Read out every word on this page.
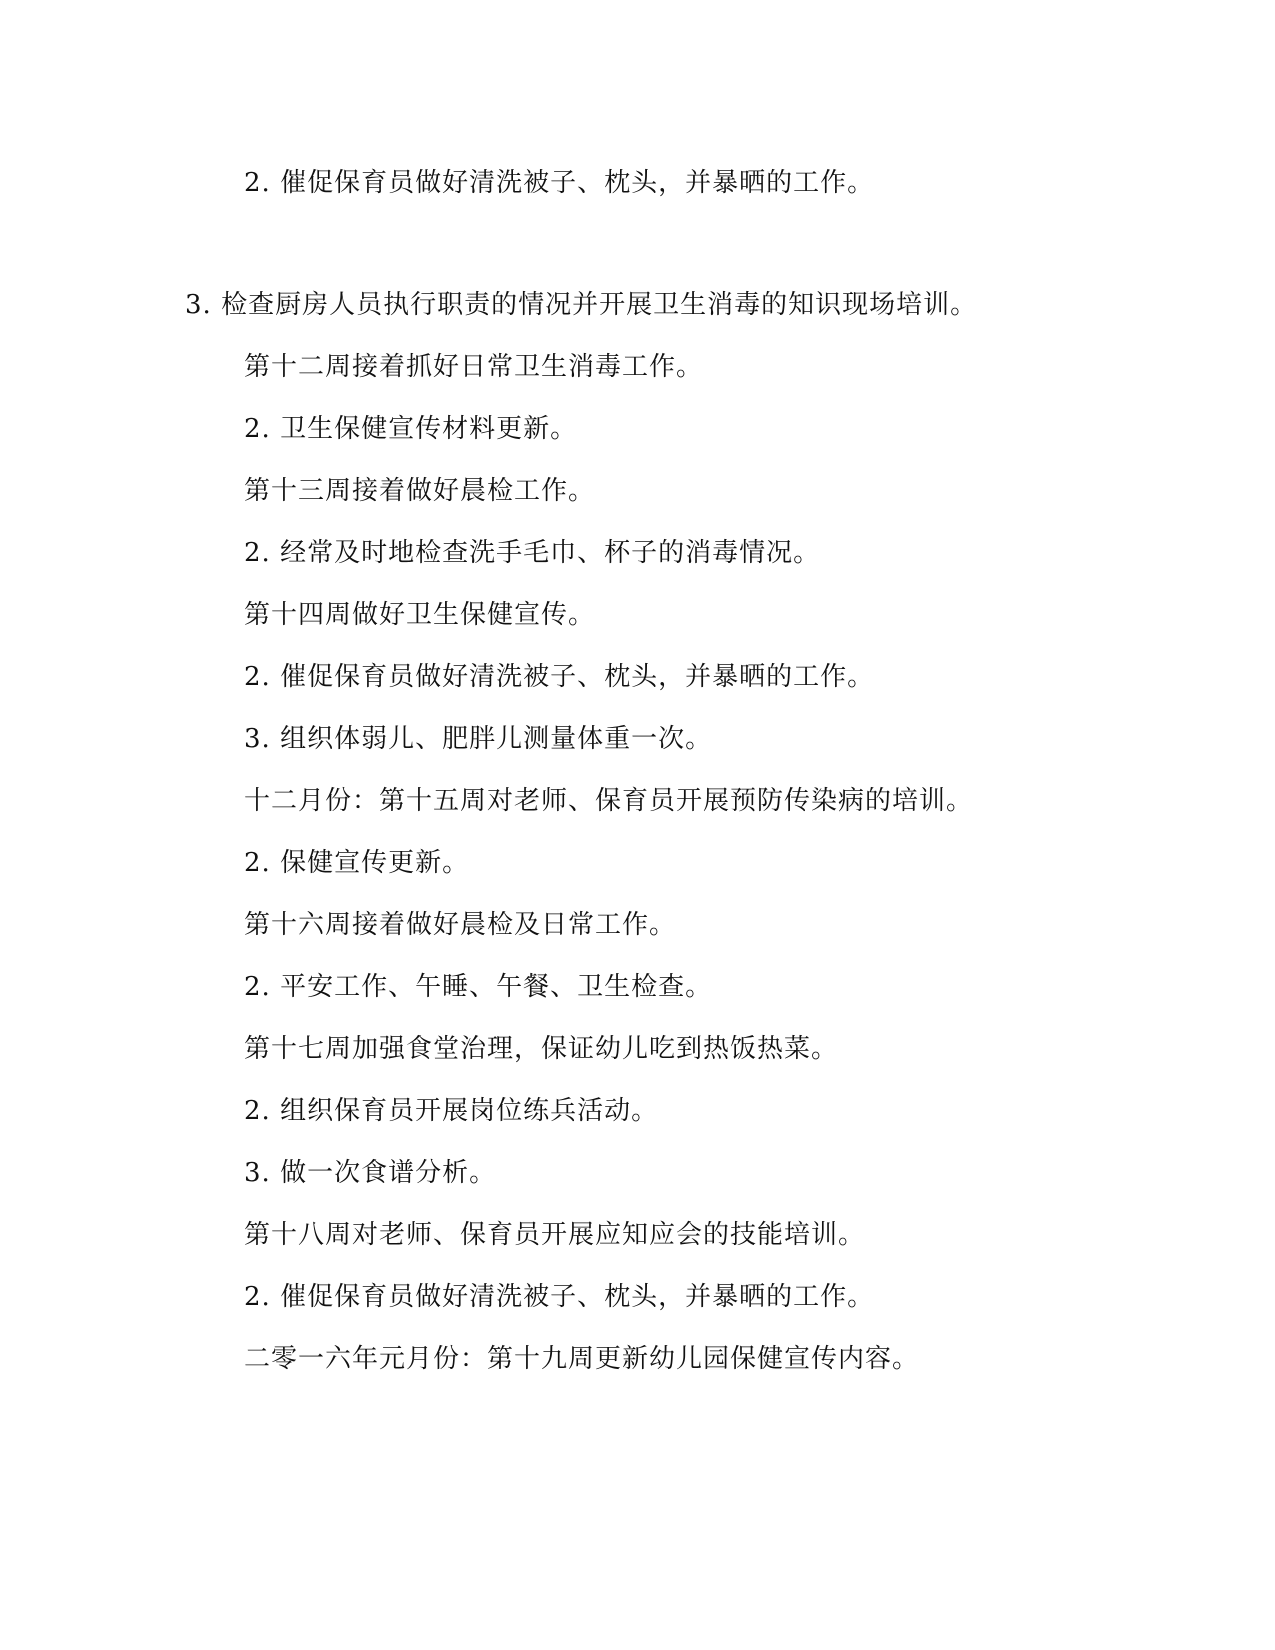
2. 催促保育员做好清洗被子、枕头，并暴晒的工作。
3. 检查厨房人员执行职责的情况并开展卫生消毒的知识现场培训。
第十二周接着抓好日常卫生消毒工作。
2. 卫生保健宣传材料更新。
第十三周接着做好晨检工作。
2. 经常及时地检查洗手毛巾、杯子的消毒情况。
第十四周做好卫生保健宣传。
2. 催促保育员做好清洗被子、枕头，并暴晒的工作。
3. 组织体弱儿、肥胖儿测量体重一次。
十二月份：第十五周对老师、保育员开展预防传染病的培训。
2. 保健宣传更新。
第十六周接着做好晨检及日常工作。
2. 平安工作、午睡、午餐、卫生检查。
第十七周加强食堂治理，保证幼儿吃到热饭热菜。
2. 组织保育员开展岗位练兵活动。
3. 做一次食谱分析。
第十八周对老师、保育员开展应知应会的技能培训。
2. 催促保育员做好清洗被子、枕头，并暴晒的工作。
二零一六年元月份：第十九周更新幼儿园保健宣传内容。
